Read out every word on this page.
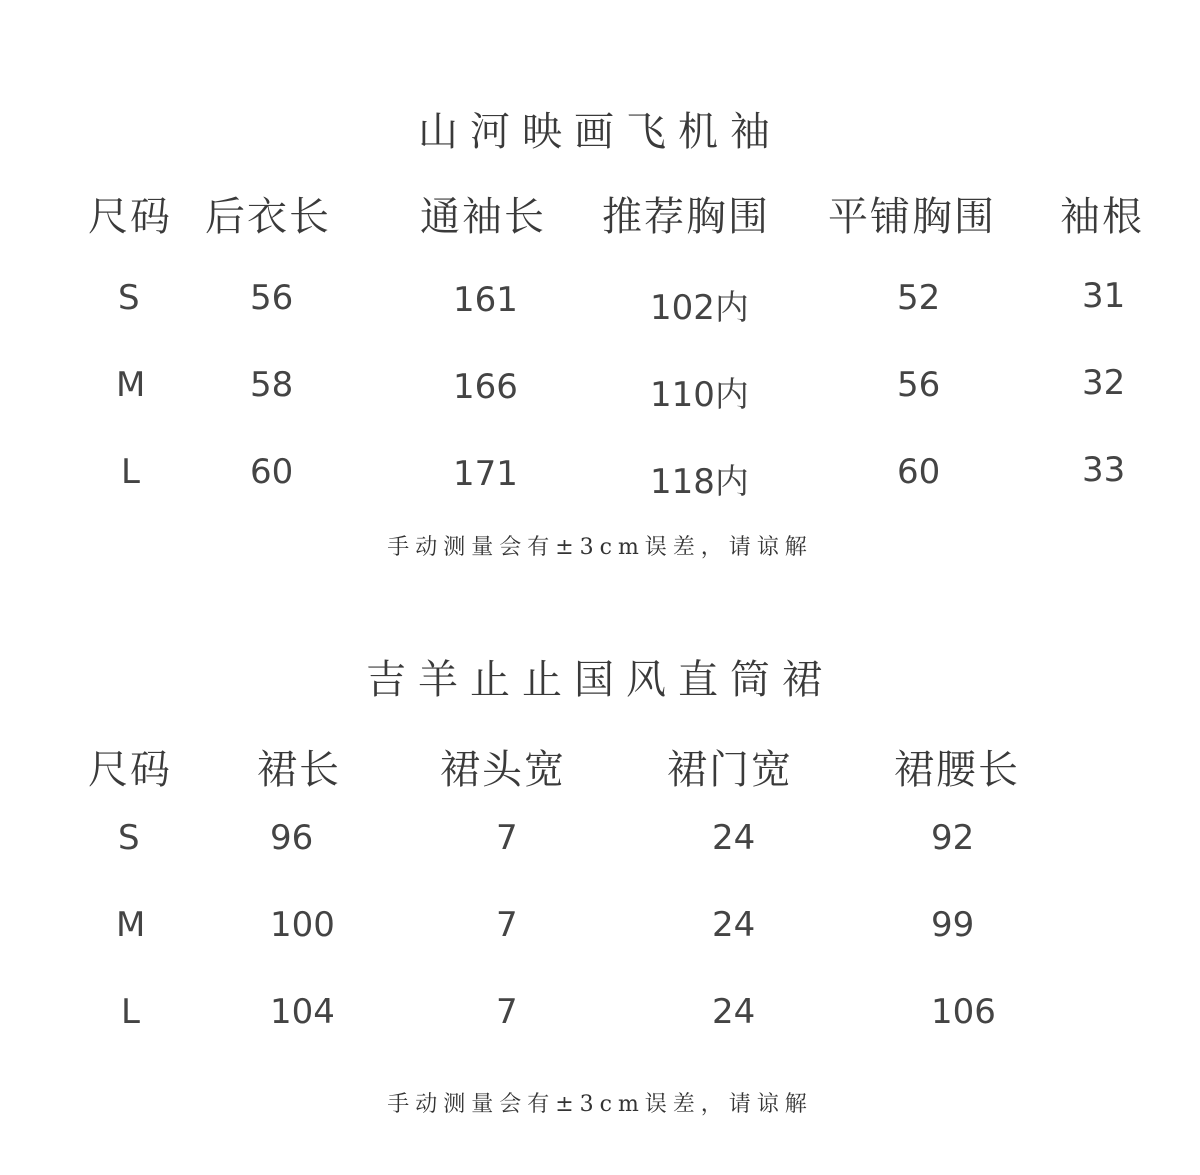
山河映画飞机袖
尺码 后衣长 通袖长 推荐胸围 平铺胸围 袖根
S	56	161	102内	52	31
M	58	166	110内	56	32
L	60	171	118内	60	33
手动测量会有±3cm误差，请谅解
吉羊止止国风直筒裙
尺码 裙长 裙头宽	裙门宽	裙腰长
S	96	7	24	92
M	100	7	24	99
L	104	7	24	106
手动测量会有±3cm误差，请谅解
